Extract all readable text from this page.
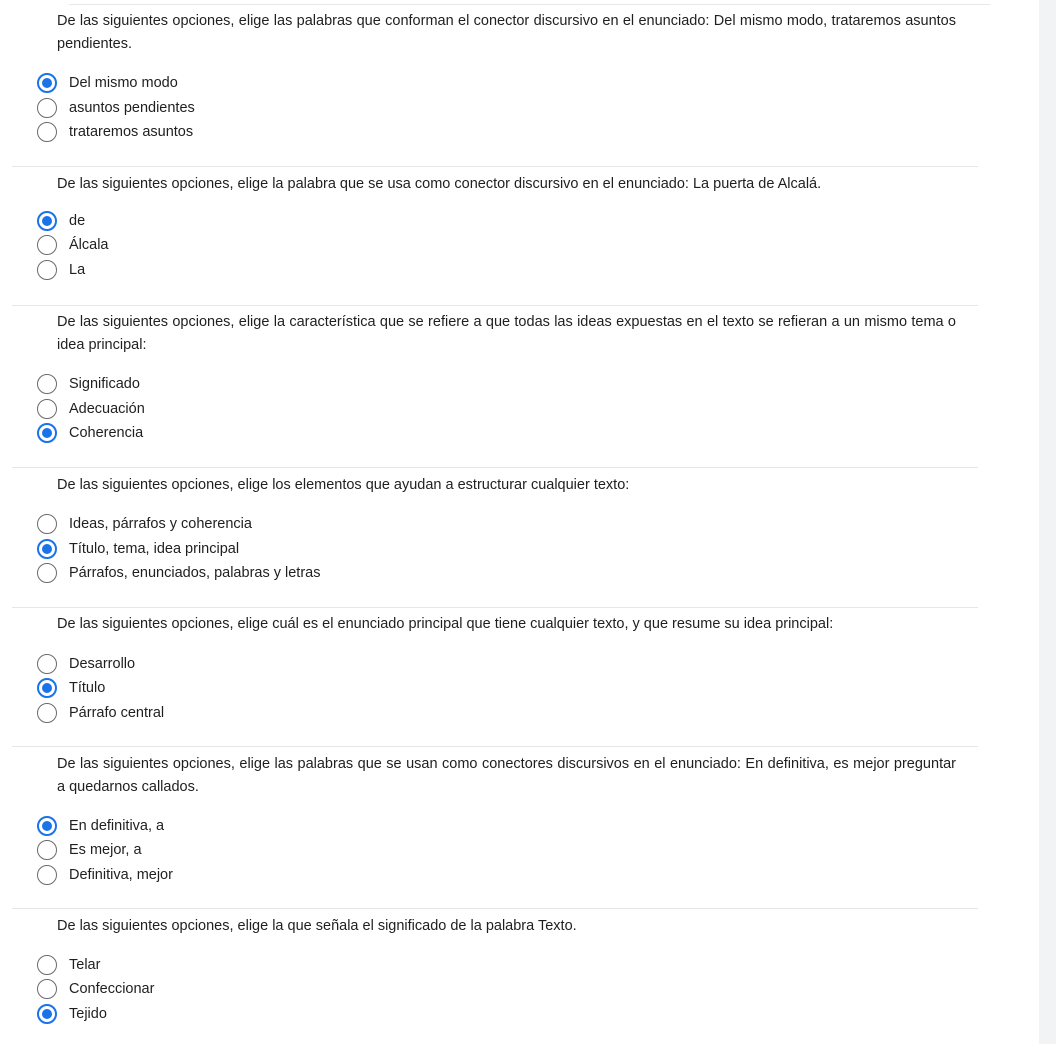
De las siguientes opciones, elige las palabras que conforman el conector discursivo en el enunciado: Del mismo modo, trataremos asuntos pendientes.
Del mismo modo
asuntos pendientes
trataremos asuntos
De las siguientes opciones, elige la palabra que se usa como conector discursivo en el enunciado: La puerta de Alcalá.
de
Álcala
La
De las siguientes opciones, elige la característica que se refiere a que todas las ideas expuestas en el texto se refieran a un mismo tema o idea principal:
Significado
Adecuación
Coherencia
De las siguientes opciones, elige los elementos que ayudan a estructurar cualquier texto:
Ideas, párrafos y coherencia
Título, tema, idea principal
Párrafos, enunciados, palabras y letras
De las siguientes opciones, elige cuál es el enunciado principal que tiene cualquier texto, y que resume su idea principal:
Desarrollo
Título
Párrafo central
De las siguientes opciones, elige las palabras que se usan como conectores discursivos en el enunciado: En definitiva, es mejor preguntar a quedarnos callados.
En definitiva, a
Es mejor, a
Definitiva, mejor
De las siguientes opciones, elige la que señala el significado de la palabra Texto.
Telar
Confeccionar
Tejido
